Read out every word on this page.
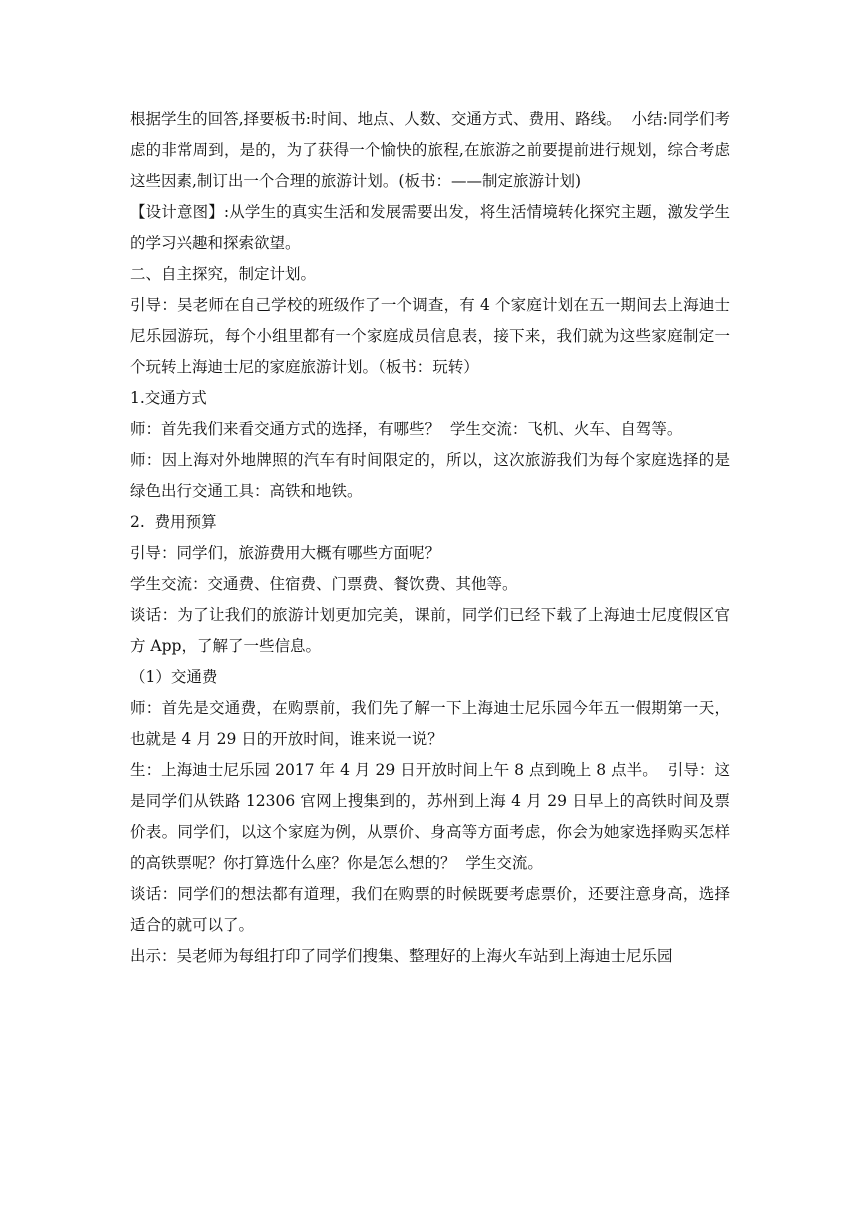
根据学生的回答,择要板书:时间、地点、人数、交通方式、费用、路线。  小结:同学们考虑的非常周到，是的，为了获得一个愉快的旅程,在旅游之前要提前进行规划，综合考虑这些因素,制订出一个合理的旅游计划。(板书：——制定旅游计划)

【设计意图】:从学生的真实生活和发展需要出发，将生活情境转化探究主题，激发学生的学习兴趣和探索欲望。

二、自主探究，制定计划。

引导：吴老师在自己学校的班级作了一个调查，有 4 个家庭计划在五一期间去上海迪士尼乐园游玩，每个小组里都有一个家庭成员信息表，接下来，我们就为这些家庭制定一个玩转上海迪士尼的家庭旅游计划。（板书：玩转）

1.交通方式

师：首先我们来看交通方式的选择，有哪些？  学生交流：飞机、火车、自驾等。

师：因上海对外地牌照的汽车有时间限定的，所以，这次旅游我们为每个家庭选择的是绿色出行交通工具：高铁和地铁。

2.  费用预算

引导：同学们，旅游费用大概有哪些方面呢？

学生交流：交通费、住宿费、门票费、餐饮费、其他等。

谈话：为了让我们的旅游计划更加完美，课前，同学们已经下载了上海迪士尼度假区官方 App，了解了一些信息。

（1）交通费

师：首先是交通费，在购票前，我们先了解一下上海迪士尼乐园今年五一假期第一天，也就是 4 月 29 日的开放时间，谁来说一说？

生：上海迪士尼乐园 2017 年 4 月 29 日开放时间上午 8 点到晚上 8 点半。  引导：这是同学们从铁路 12306 官网上搜集到的，苏州到上海 4 月 29 日早上的高铁时间及票价表。同学们，以这个家庭为例，从票价、身高等方面考虑，你会为她家选择购买怎样的高铁票呢？你打算选什么座？你是怎么想的？  学生交流。

谈话：同学们的想法都有道理，我们在购票的时候既要考虑票价，还要注意身高，选择适合的就可以了。

出示：吴老师为每组打印了同学们搜集、整理好的上海火车站到上海迪士尼乐园
